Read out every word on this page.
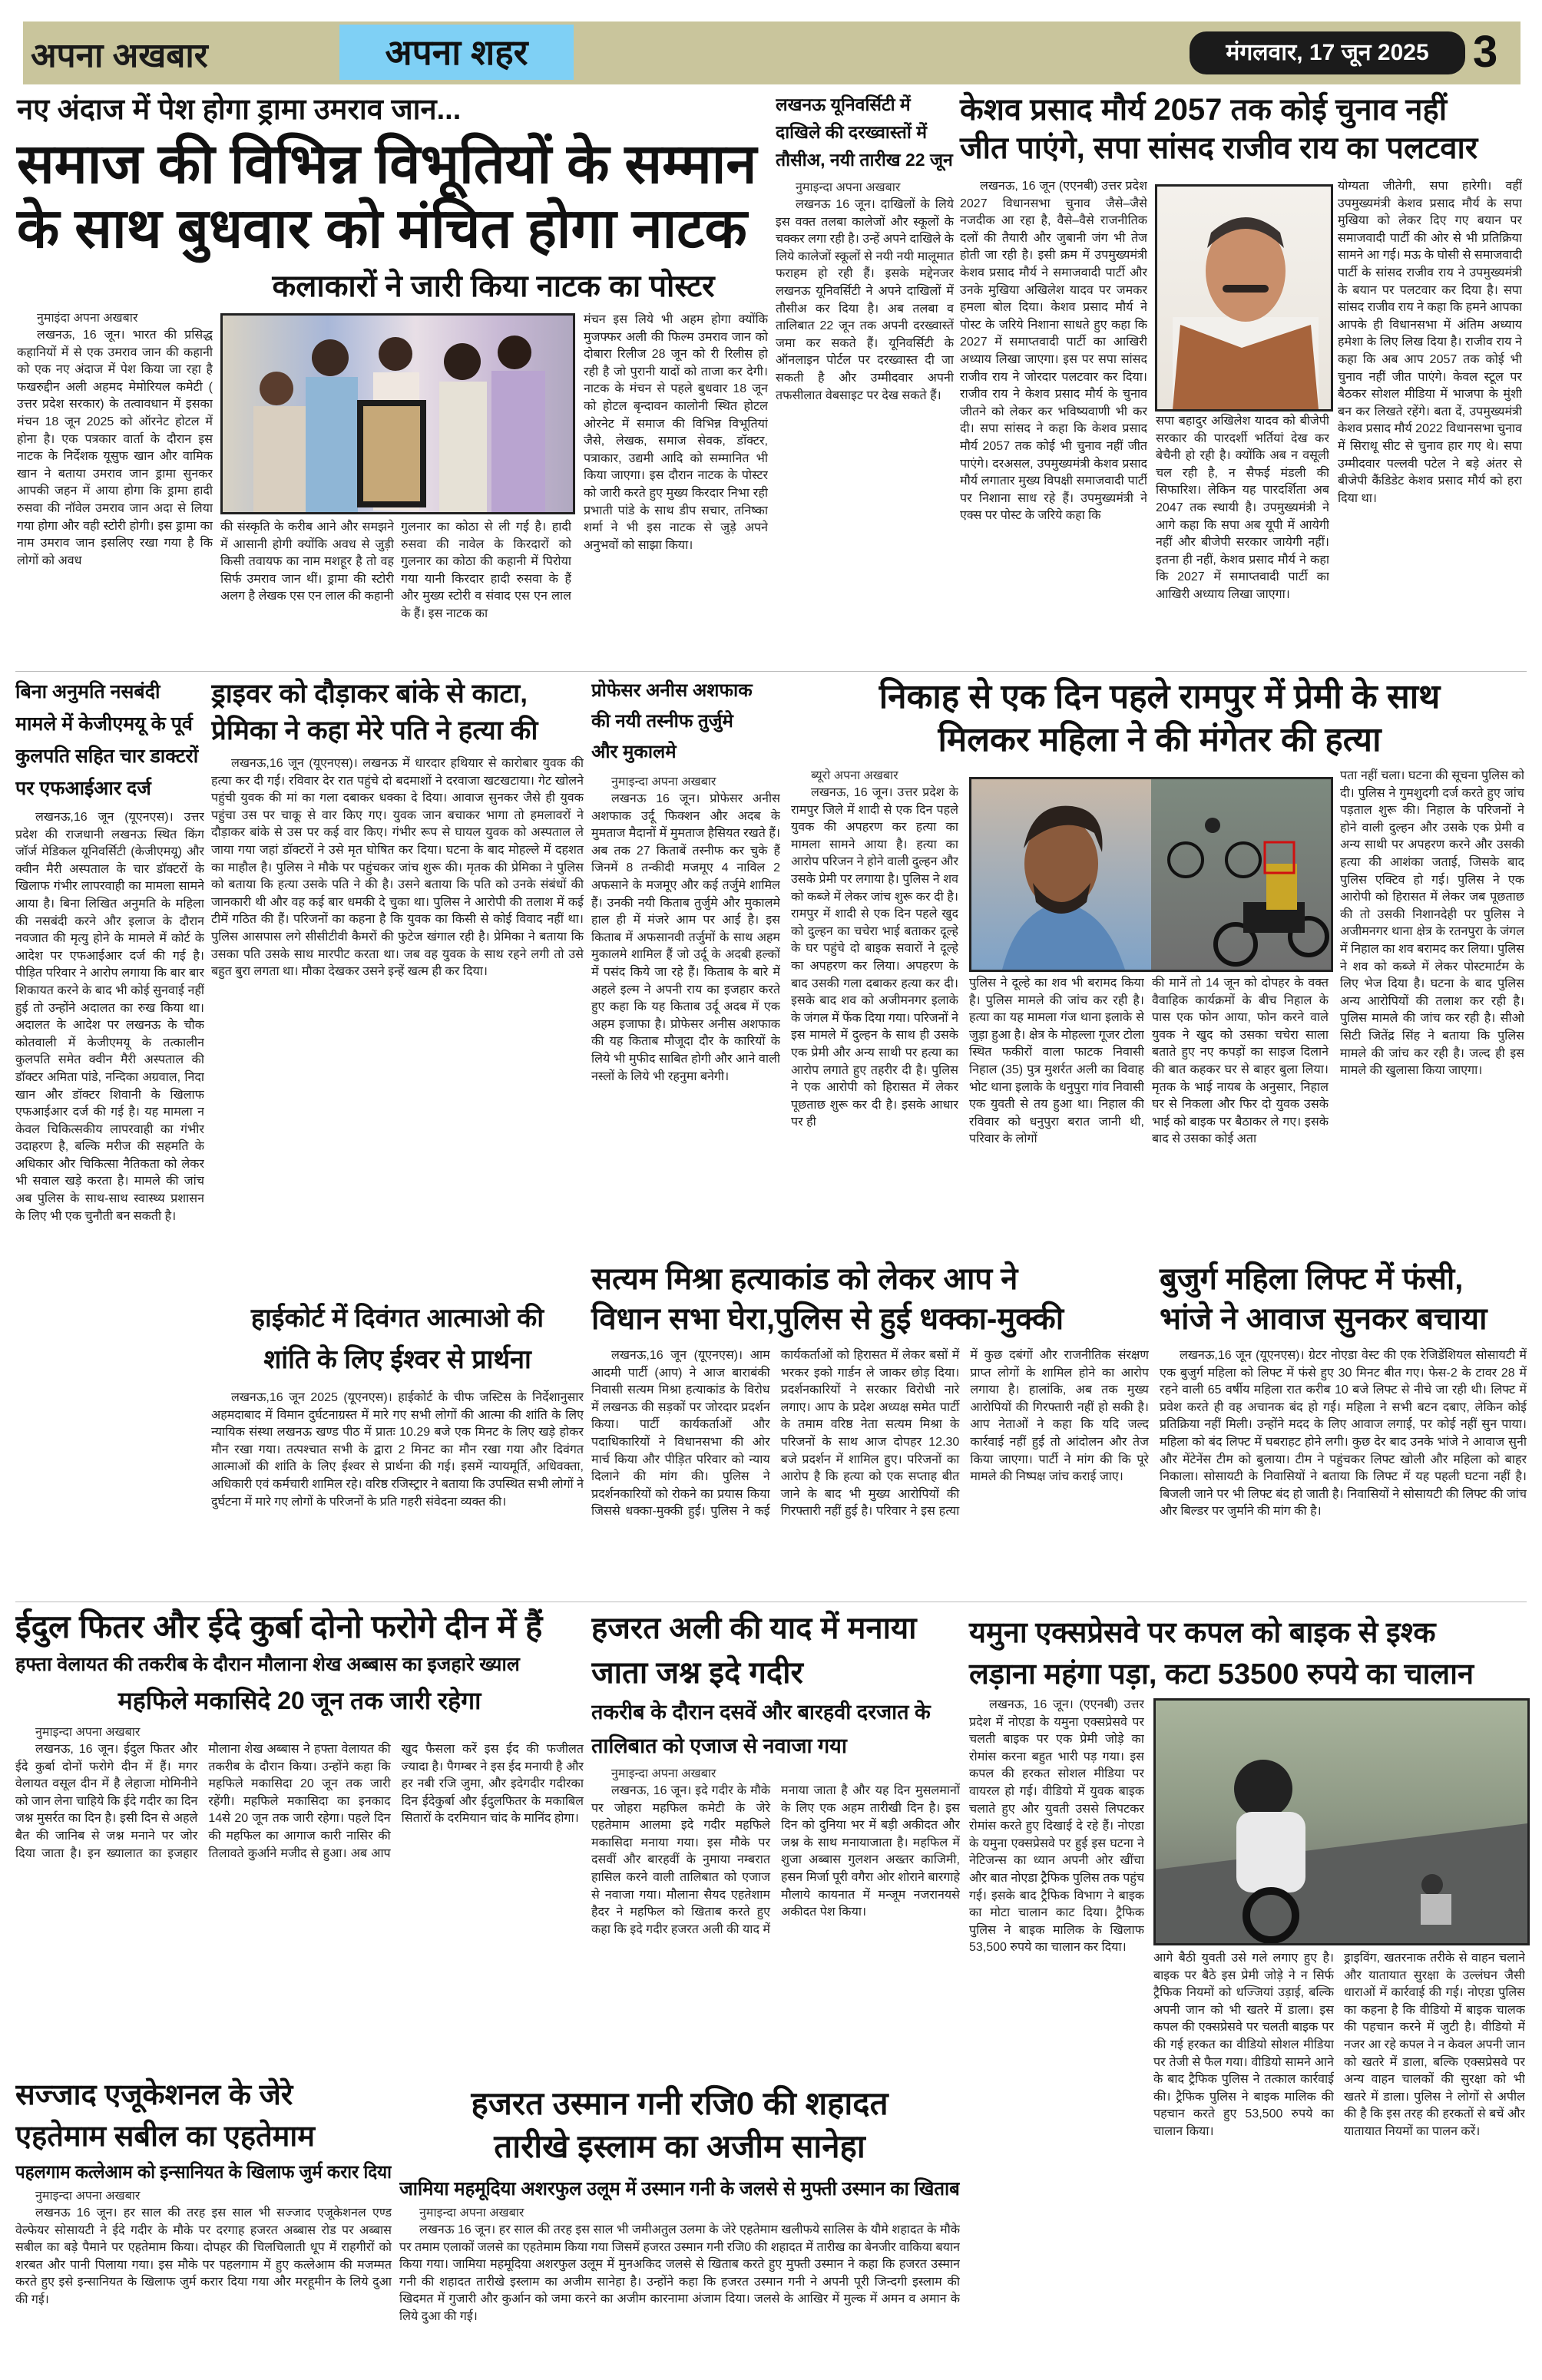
अपना अखबार	अपना शहर	मंगलवार, 17 जून 2025 3
नए अंदाज में पेश होगा ड्रामा उमराव जान...
समाज की विभिन्न विभूतियों के सम्मान
के साथ बुधवार को मंचित होगा नाटक
कलाकारों ने जारी किया नाटक का पोस्टर
नुमाइंदा अपना अखबार

लखनऊ, 16 जून। भारत की प्रसिद्ध कहानियों में से एक उमराव जान की कहानी को एक नए अंदाज में पेश किया जा रहा है फखरुद्दीन अली अहमद मेमोरियल कमेटी ( उत्तर प्रदेश सरकार) के तत्वावधान में इसका मंचन 18 जून 2025 को ऑरनेट होटल में होना है। एक पत्रकार वार्ता के दौरान इस नाटक के निर्देशक यूसुफ खान और वामिक खान ने बताया उमराव जान ड्रामा सुनकर आपकी जहन में आया होगा कि ड्रामा हादी रुसवा की नॉवेल उमराव जान अदा से लिया गया होगा और वही स्टोरी होगी। इस ड्रामा का नाम उमराव जान इसलिए रखा गया है कि लोगों को अवध

की संस्कृति के करीब आने और समझने में आसानी होगी क्योंकि अवध से जुड़ी किसी तवायफ का नाम मशहूर है तो वह सिर्फ उमराव जान थीं। ड्रामा की स्टोरी अलग है लेखक एस एन लाल की कहानी

गुलनार का कोठा से ली गई है। हादी रुसवा की नावेल के किरदारों को गुलनार का कोठा की कहानी में पिरोया गया यानी किरदार हादी रुसवा के हैं और मुख्य स्टोरी व संवाद एस एन लाल के हैं। इस नाटक का

मंचन इस लिये भी अहम होगा क्योंकि मुजफ्फर अली की फिल्म उमराव जान को दोबारा रिलीज 28 जून को री रिलीस हो रही है जो पुरानी यादों को ताजा कर देगी। नाटक के मंचन से पहले बुधवार 18 जून को होटल बृन्दावन कालोनी स्थित होटल ओरनेट में समाज की विभिन्न विभूतियां जैसे, लेखक, समाज सेवक, डॉक्टर, पत्राकार, उद्यमी आदि को सम्मानित भी किया जाएगा। इस दौरान नाटक के पोस्टर को जारी करते हुए मुख्य किरदार निभा रही प्रभाती पांडे के साथ डीप सचार, तनिष्का शर्मा ने भी इस नाटक से जुड़े अपने अनुभवों को साझा किया।

लखनऊ यूनिवर्सिटी में
दाखिले की दरख्वास्तों में
तौसीअ, नयी तारीख 22 जून
नुमाइन्दा अपना अखबार

लखनऊ 16 जून। दाखिलों के लिये इस वक्त तलबा कालेजों और स्कूलों के चक्कर लगा रही है। उन्हें अपने दाखिले के लिये कालेजों स्कूलों से नयी नयी मालूमात फराहम हो रही हैं। इसके मद्देनजर लखनऊ यूनिवर्सिटी ने अपने दाखिलों में तौसीअ कर दिया है। अब तलबा व तालिबात 22 जून तक अपनी दरख्वास्तें जमा कर सकते हैं। यूनिवर्सिटी के ऑनलाइन पोर्टल पर दरख्वास्त दी जा सकती है और उम्मीदवार अपनी तफसीलात वेबसाइट पर देख सकते हैं।

केशव प्रसाद मौर्य 2057 तक कोई चुनाव नहीं
जीत पाएंगे, सपा सांसद राजीव राय का पलटवार

लखनऊ, 16 जून (एएनबी) उत्तर प्रदेश 2027 विधानसभा चुनाव जैसे–जैसे नजदीक आ रहा है, वैसे–वैसे राजनीतिक दलों की तैयारी और जुबानी जंग भी तेज होती जा रही है। इसी क्रम में उपमुख्यमंत्री केशव प्रसाद मौर्य ने समाजवादी पार्टी और उनके मुखिया अखिलेश यादव पर जमकर हमला बोल दिया। केशव प्रसाद मौर्य ने पोस्ट के जरिये निशाना साधते हुए कहा कि 2027 में समाप्तवादी पार्टी का आखिरी अध्याय लिखा जाएगा। इस पर सपा सांसद राजीव राय ने जोरदार पलटवार कर दिया। राजीव राय ने केशव प्रसाद मौर्य के चुनाव जीतने को लेकर कर भविष्यवाणी भी कर दी। सपा सांसद ने कहा कि केशव प्रसाद मौर्य 2057 तक कोई भी चुनाव नहीं जीत पाएंगे। दरअसल, उपमुख्यमंत्री केशव प्रसाद मौर्य लगातार मुख्य विपक्षी समाजवादी पार्टी पर निशाना साध रहे हैं। उपमुख्यमंत्री ने एक्स पर पोस्ट के जरिये कहा कि

सपा बहादुर अखिलेश यादव को बीजेपी सरकार की पारदर्शी भर्तियां देख कर बेचैनी हो रही है। क्योंकि अब न वसूली चल रही है, न सैफई मंडली की सिफारिश। लेकिन यह पारदर्शिता अब 2047 तक स्थायी है। उपमुख्यमंत्री ने आगे कहा कि सपा अब यूपी में आयेगी नहीं और बीजेपी सरकार जायेगी नहीं। इतना ही नहीं, केशव प्रसाद मौर्य ने कहा कि 2027 में समाप्तवादी पार्टी का आखिरी अध्याय लिखा जाएगा।

योग्यता जीतेगी, सपा हारेगी। वहीं उपमुख्यमंत्री केशव प्रसाद मौर्य के सपा मुखिया को लेकर दिए गए बयान पर समाजवादी पार्टी की ओर से भी प्रतिक्रिया सामने आ गई। मऊ के घोसी से समाजवादी पार्टी के सांसद राजीव राय ने उपमुख्यमंत्री के बयान पर पलटवार कर दिया है। सपा सांसद राजीव राय ने कहा कि हमने आपका आपके ही विधानसभा में अंतिम अध्याय हमेशा के लिए लिख दिया है। राजीव राय ने कहा कि अब आप 2057 तक कोई भी चुनाव नहीं जीत पाएंगे। केवल स्टूल पर बैठकर सोशल मीडिया में भाजपा के मुंशी बन कर लिखते रहेंगे। बता दें, उपमुख्यमंत्री केशव प्रसाद मौर्य 2022 विधानसभा चुनाव में सिराथू सीट से चुनाव हार गए थे। सपा उम्मीदवार पल्लवी पटेल ने बड़े अंतर से बीजेपी कैंडिडेट केशव प्रसाद मौर्य को हरा दिया था।

बिना अनुमति नसबंदी
मामले में केजीएमयू के पूर्व
कुलपति सहित चार डाक्टरों
पर एफआईआर दर्ज

लखनऊ,16 जून (यूएनएस)। उत्तर प्रदेश की राजधानी लखनऊ स्थित किंग जॉर्ज मेडिकल यूनिवर्सिटी (केजीएमयू) और क्वीन मैरी अस्पताल के चार डॉक्टरों के खिलाफ गंभीर लापरवाही का मामला सामने आया है। बिना लिखित अनुमति के महिला की नसबंदी करने और इलाज के दौरान नवजात की मृत्यु होने के मामले में कोर्ट के आदेश पर एफआईआर दर्ज की गई है। पीड़ित परिवार ने आरोप लगाया कि बार बार शिकायत करने के बाद भी कोई सुनवाई नहीं हुई तो उन्होंने अदालत का रुख किया था। अदालत के आदेश पर लखनऊ के चौक कोतवाली में केजीएमयू के तत्कालीन कुलपति समेत क्वीन मैरी अस्पताल की डॉक्टर अमिता पांडे, नन्दिका अग्रवाल, निदा खान और डॉक्टर शिवानी के खिलाफ एफआईआर दर्ज की गई है। यह मामला न केवल चिकित्सकीय लापरवाही का गंभीर उदाहरण है, बल्कि मरीज की सहमति के अधिकार और चिकित्सा नैतिकता को लेकर भी सवाल खड़े करता है। मामले की जांच अब पुलिस के साथ-साथ स्वास्थ्य प्रशासन के लिए भी एक चुनौती बन सकती है।

ड्राइवर को दौड़ाकर बांके से काटा,
प्रेमिका ने कहा मेरे पति ने हत्या की

लखनऊ,16 जून (यूएनएस)। लखनऊ में धारदार हथियार से कारोबार युवक की हत्या कर दी गई। रविवार देर रात पहुंचे दो बदमाशों ने दरवाजा खटखटाया। गेट खोलने पहुंची युवक की मां का गला दबाकर धक्का दे दिया। आवाज सुनकर जैसे ही युवक पहुंचा उस पर चाकू से वार किए गए। युवक जान बचाकर भागा तो हमलावरों ने दौड़ाकर बांके से उस पर कई वार किए। गंभीर रूप से घायल युवक को अस्पताल ले जाया गया जहां डॉक्टरों ने उसे मृत घोषित कर दिया। घटना के बाद मोहल्ले में दहशत का माहौल है। पुलिस ने मौके पर पहुंचकर जांच शुरू की। मृतक की प्रेमिका ने पुलिस को बताया कि हत्या उसके पति ने की है। उसने बताया कि पति को उनके संबंधों की जानकारी थी और वह कई बार धमकी दे चुका था। पुलिस ने आरोपी की तलाश में कई टीमें गठित की हैं। परिजनों का कहना है कि युवक का किसी से कोई विवाद नहीं था। पुलिस आसपास लगे सीसीटीवी कैमरों की फुटेज खंगाल रही है। प्रेमिका ने बताया कि उसका पति उसके साथ मारपीट करता था। जब वह युवक के साथ रहने लगी तो उसे बहुत बुरा लगता था। मौका देखकर उसने इन्हें खत्म ही कर दिया।

हाईकोर्ट में दिवंगत आत्माओ की
शांति के लिए ईश्वर से प्रार्थना

लखनऊ,16 जून 2025 (यूएनएस)। हाईकोर्ट के चीफ जस्टिस के निर्देशानुसार अहमदाबाद में विमान दुर्घटनाग्रस्त में मारे गए सभी लोगों की आत्मा की शांति के लिए न्यायिक संस्था लखनऊ खण्ड पीठ में प्रातः 10.29 बजे एक मिनट के लिए खड़े होकर मौन रखा गया। तत्पश्चात सभी के द्वारा 2 मिनट का मौन रखा गया और दिवंगत आत्माओं की शांति के लिए ईश्वर से प्रार्थना की गई। इसमें न्यायमूर्ति, अधिवक्ता, अधिकारी एवं कर्मचारी शामिल रहे। वरिष्ठ रजिस्ट्रार ने बताया कि उपस्थित सभी लोगों ने दुर्घटना में मारे गए लोगों के परिजनों के प्रति गहरी संवेदना व्यक्त की।

प्रोफेसर अनीस अशफाक
की नयी तस्नीफ तुर्जुमे
और मुकालमे
नुमाइन्दा अपना अखबार

लखनऊ 16 जून। प्रोफेसर अनीस अशफाक उर्दू फिक्शन और अदब के मुमताज मैदानों में मुमताज हैसियत रखते हैं। अब तक 27 किताबें तस्नीफ कर चुके हैं जिनमें 8 तन्कीदी मजमूए 4 नाविल 2 अफसाने के मजमूए और कई तर्जुमे शामिल हैं। उनकी नयी किताब तुर्जुमे और मुकालमे हाल ही में मंजरे आम पर आई है। इस किताब में अफसानवी तर्जुमों के साथ अहम मुकालमे शामिल हैं जो उर्दू के अदबी हल्कों में पसंद किये जा रहे हैं। किताब के बारे में अहले इल्म ने अपनी राय का इजहार करते हुए कहा कि यह किताब उर्दू अदब में एक अहम इजाफा है। प्रोफेसर अनीस अशफाक की यह किताब मौजूदा दौर के कारियों के लिये भी मुफीद साबित होगी और आने वाली नस्लों के लिये भी रहनुमा बनेगी।

निकाह से एक दिन पहले रामपुर में प्रेमी के साथ
मिलकर महिला ने की मंगेतर की हत्या
ब्यूरो अपना अखबार

लखनऊ, 16 जून। उत्तर प्रदेश के रामपुर जिले में शादी से एक दिन पहले युवक की अपहरण कर हत्या का मामला सामने आया है। हत्या का आरोप परिजन ने होने वाली दुल्हन और उसके प्रेमी पर लगाया है। पुलिस ने शव को कब्जे में लेकर जांच शुरू कर दी है। रामपुर में शादी से एक दिन पहले खुद को दुल्हन का चचेरा भाई बताकर दूल्हे के घर पहुंचे दो बाइक सवारों ने दूल्हे का अपहरण कर लिया। अपहरण के बाद उसकी गला दबाकर हत्या कर दी। इसके बाद शव को अजीमनगर इलाके के जंगल में फेंक दिया गया। परिजनों ने इस मामले में दुल्हन के साथ ही उसके एक प्रेमी और अन्य साथी पर हत्या का आरोप लगाते हुए तहरीर दी है। पुलिस ने एक आरोपी को हिरासत में लेकर पूछताछ शुरू कर दी है। इसके आधार पर ही

पुलिस ने दूल्हे का शव भी बरामद किया है। पुलिस मामले की जांच कर रही है। हत्या का यह मामला गंज थाना इलाके से जुड़ा हुआ है। क्षेत्र के मोहल्ला गूजर टोला स्थित फकीरों वाला फाटक निवासी निहाल (35) पुत्र मुशर्रत अली का विवाह भोट थाना इलाके के धनुपुरा गांव निवासी एक युवती से तय हुआ था। निहाल की रविवार को धनुपुरा बरात जानी थी, परिवार के लोगों

की मानें तो 14 जून को दोपहर के वक्त वैवाहिक कार्यक्रमों के बीच निहाल के पास एक फोन आया, फोन करने वाले युवक ने खुद को उसका चचेरा साला बताते हुए नए कपड़ों का साइज दिलाने की बात कहकर घर से बाहर बुला लिया। मृतक के भाई नायब के अनुसार, निहाल घर से निकला और फिर दो युवक उसके भाई को बाइक पर बैठाकर ले गए। इसके बाद से उसका कोई अता

पता नहीं चला। घटना की सूचना पुलिस को दी। पुलिस ने गुमशुदगी दर्ज करते हुए जांच पड़ताल शुरू की। निहाल के परिजनों ने होने वाली दुल्हन और उसके एक प्रेमी व अन्य साथी पर अपहरण करने और उसकी हत्या की आशंका जताई, जिसके बाद पुलिस एक्टिव हो गई। पुलिस ने एक आरोपी को हिरासत में लेकर जब पूछताछ की तो उसकी निशानदेही पर पुलिस ने अजीमनगर थाना क्षेत्र के रतनपुरा के जंगल में निहाल का शव बरामद कर लिया। पुलिस ने शव को कब्जे में लेकर पोस्टमार्टम के लिए भेज दिया है। घटना के बाद पुलिस अन्य आरोपियों की तलाश कर रही है। पुलिस मामले की जांच कर रही है। सीओ सिटी जितेंद्र सिंह ने बताया कि पुलिस मामले की जांच कर रही है। जल्द ही इस मामले की खुलासा किया जाएगा।

सत्यम मिश्रा हत्याकांड को लेकर आप ने
विधान सभा घेरा,पुलिस से हुई धक्का-मुक्की

लखनऊ,16 जून (यूएनएस)। आम आदमी पार्टी (आप) ने आज बाराबंकी निवासी सत्यम मिश्रा हत्याकांड के विरोध में लखनऊ की सड़कों पर जोरदार प्रदर्शन किया। पार्टी कार्यकर्ताओं और पदाधिकारियों ने विधानसभा की ओर मार्च किया और पीड़ित परिवार को न्याय दिलाने की मांग की। पुलिस ने प्रदर्शनकारियों को रोकने का प्रयास किया जिससे धक्का-मुक्की हुई। पुलिस ने कई कार्यकर्ताओं को हिरासत में लेकर बसों में भरकर इको गार्डन ले जाकर छोड़ दिया। प्रदर्शनकारियों ने सरकार विरोधी नारे लगाए। आप के प्रदेश अध्यक्ष समेत पार्टी के तमाम वरिष्ठ नेता सत्यम मिश्रा के परिजनों के साथ आज दोपहर 12.30 बजे प्रदर्शन में शामिल हुए। परिजनों का आरोप है कि हत्या को एक सप्ताह बीत जाने के बाद भी मुख्य आरोपियों की गिरफ्तारी नहीं हुई है। परिवार ने इस हत्या में कुछ दबंगों और राजनीतिक संरक्षण प्राप्त लोगों के शामिल होने का आरोप लगाया है। हालांकि, अब तक मुख्य आरोपियों की गिरफ्तारी नहीं हो सकी है। आप नेताओं ने कहा कि यदि जल्द कार्रवाई नहीं हुई तो आंदोलन और तेज किया जाएगा। पार्टी ने मांग की कि पूरे मामले की निष्पक्ष जांच कराई जाए।

बुजुर्ग महिला लिफ्ट में फंसी,
भांजे ने आवाज सुनकर बचाया

लखनऊ,16 जून (यूएनएस)। ग्रेटर नोएडा वेस्ट की एक रेजिडेंशियल सोसायटी में एक बुजुर्ग महिला को लिफ्ट में फंसे हुए 30 मिनट बीत गए। फेस-2 के टावर 28 में रहने वाली 65 वर्षीय महिला रात करीब 10 बजे लिफ्ट से नीचे जा रही थी। लिफ्ट में प्रवेश करते ही वह अचानक बंद हो गई। महिला ने सभी बटन दबाए, लेकिन कोई प्रतिक्रिया नहीं मिली। उन्होंने मदद के लिए आवाज लगाई, पर कोई नहीं सुन पाया। महिला को बंद लिफ्ट में घबराहट होने लगी। कुछ देर बाद उनके भांजे ने आवाज सुनी और मेंटेनेंस टीम को बुलाया। टीम ने पहुंचकर लिफ्ट खोली और महिला को बाहर निकाला। सोसायटी के निवासियों ने बताया कि लिफ्ट में यह पहली घटना नहीं है। बिजली जाने पर भी लिफ्ट बंद हो जाती है। निवासियों ने सोसायटी की लिफ्ट की जांच और बिल्डर पर जुर्माने की मांग की है।

ईदुल फितर और ईदे कुर्बा दोनो फरोगे दीन में हैं
हफ्ता वेलायत की तकरीब के दौरान मौलाना शेख अब्बास का इजहारे ख्याल
महफिले मकासिदे 20 जून तक जारी रहेगा
नुमाइन्दा अपना अखबार

लखनऊ, 16 जून। ईदुल फितर और ईदे कुर्बा दोनों फरोगे दीन में हैं। मगर वेलायत वसूल दीन में है लेहाजा मोमिनीने को जान लेना चाहिये कि ईदे गदीर का दिन जश्न मुसर्रत का दिन है। इसी दिन से अहले बैत की जानिब से जश्न मनाने पर जोर दिया जाता है। इन ख्यालात का इजहार मौलाना शेख अब्बास ने हफ्ता वेलायत की तकरीब के दौरान किया। उन्होंने कहा कि महफिले मकासिदा 20 जून तक जारी रहेंगी। महफिले मकासिदा का इनकाद 14से 20 जून तक जारी रहेगा। पहले दिन की महफिल का आगाज कारी नासिर की तिलावते कुर्आने मजीद से हुआ। अब आप खुद फैसला करें इस ईद की फजीलत ज्यादा है। पैगम्बर ने इस ईद मनायी है और हर नबी रजि जुमा, और इदेगदीर गदीरका दिन ईदेकुर्बा और ईदुलफितर के मकाबिल सितारों के दरमियान चांद के मानिंद होगा।

हजरत अली की याद में मनाया
जाता जश्न इदे गदीर
तकरीब के दौरान दसवें और बारहवी दरजात के तालिबात को एजाज से नवाजा गया
नुमाइन्दा अपना अखबार

लखनऊ, 16 जून। इदे गदीर के मौके पर जोहरा महफिल कमेटी के जेरे एहतेमाम आलमा इदे गदीर महफिले मकासिदा मनाया गया। इस मौके पर दसवीं और बारहवीं के नुमाया नम्बरात हासिल करने वाली तालिबात को एजाज से नवाजा गया। मौलाना सैयद एहतेशाम हैदर ने महफिल को खिताब करते हुए कहा कि इदे गदीर हजरत अली की याद में मनाया जाता है और यह दिन मुसलमानों के लिए एक अहम तारीखी दिन है। इस दिन को दुनिया भर में बड़ी अकीदत और जश्न के साथ मनायाजाता है। महफिल में शुजा अब्बास गुलशन अख्तर काजिमी, हसन मिर्जा पूरी वगैरा ओर शोराने बारगाहे मौलाये कायनात में मन्जूम नजरानयसे अकीदत पेश किया।

यमुना एक्सप्रेसवे पर कपल को बाइक से इश्क
लड़ाना महंगा पड़ा, कटा 53500 रुपये का चालान

लखनऊ, 16 जून। (एएनबी) उत्तर प्रदेश में नोएडा के यमुना एक्सप्रेसवे पर चलती बाइक पर एक प्रेमी जोड़े का रोमांस करना बहुत भारी पड़ गया। इस कपल की हरकत सोशल मीडिया पर वायरल हो गई। वीडियो में युवक बाइक चलाते हुए और युवती उससे लिपटकर रोमांस करते हुए दिखाई दे रहे हैं। नोएडा के यमुना एक्सप्रेसवे पर हुई इस घटना ने नेटिजन्स का ध्यान अपनी ओर खींचा और बात नोएडा ट्रैफिक पुलिस तक पहुंच गई। इसके बाद ट्रैफिक विभाग ने बाइक का मोटा चालान काट दिया। ट्रैफिक पुलिस ने बाइक मालिक के खिलाफ 53,500 रुपये का चालान कर दिया।

आगे बैठी युवती उसे गले लगाए हुए है। बाइक पर बैठे इस प्रेमी जोड़े ने न सिर्फ ट्रैफिक नियमों को धज्जियां उड़ाई, बल्कि अपनी जान को भी खतरे में डाला। इस कपल की एक्सप्रेसवे पर चलती बाइक पर की गई हरकत का वीडियो सोशल मीडिया पर तेजी से फैल गया। वीडियो सामने आने के बाद ट्रैफिक पुलिस ने तत्काल कार्रवाई की। ट्रैफिक पुलिस ने बाइक मालिक की पहचान करते हुए 53,500 रुपये का चालान किया।

ड्राइविंग, खतरनाक तरीके से वाहन चलाने और यातायात सुरक्षा के उल्लंघन जैसी धाराओं में कार्रवाई की गई। नोएडा पुलिस का कहना है कि वीडियो में बाइक चालक की पहचान करने में जुटी है। वीडियो में नजर आ रहे कपल ने न केवल अपनी जान को खतरे में डाला, बल्कि एक्सप्रेसवे पर अन्य वाहन चालकों की सुरक्षा को भी खतरे में डाला। पुलिस ने लोगों से अपील की है कि इस तरह की हरकतों से बचें और यातायात नियमों का पालन करें।

सज्जाद एजूकेशनल के जेरे
एहतेमाम सबील का एहतेमाम
पहलगाम कत्लेआम को इन्सानियत के खिलाफ जुर्म करार दिया
नुमाइन्दा अपना अखबार

लखनऊ 16 जून। हर साल की तरह इस साल भी सज्जाद एजूकेशनल एण्ड वेल्फेयर सोसायटी ने ईदे गदीर के मौके पर दरगाह हजरत अब्बास रोड पर अब्बास सबील का बड़े पैमाने पर एहतेमाम किया। दोपहर की चिलचिलाती धूप में राहगीरों को शरबत और पानी पिलाया गया। इस मौके पर पहलगाम में हुए कत्लेआम की मजम्मत करते हुए इसे इन्सानियत के खिलाफ जुर्म करार दिया गया और मरहूमीन के लिये दुआ की गई।

हजरत उस्मान गनी रजि0 की शहादत
तारीखे इस्लाम का अजीम सानेहा
जामिया महमूदिया अशरफुल उलूम में उस्मान गनी के जलसे से मुफ्ती उस्मान का खिताब
नुमाइन्दा अपना अखबार

लखनऊ 16 जून। हर साल की तरह इस साल भी जमीअतुल उलमा के जेरे एहतेमाम खलीफये सालिस के यौमे शहादत के मौके पर तमाम एलाकों जलसे का एहतेमाम किया गया जिसमें हजरत उस्मान गनी रजि0 की शहादत में तारीख का बेनजीर वाकिया बयान किया गया। जामिया महमूदिया अशरफुल उलूम में मुनअकिद जलसे से खिताब करते हुए मुफ्ती उस्मान ने कहा कि हजरत उस्मान गनी की शहादत तारीखे इस्लाम का अजीम सानेहा है। उन्होंने कहा कि हजरत उस्मान गनी ने अपनी पूरी जिन्दगी इस्लाम की खिदमत में गुजारी और कुर्आन को जमा करने का अजीम कारनामा अंजाम दिया। जलसे के आखिर में मुल्क में अमन व अमान के लिये दुआ की गई।
